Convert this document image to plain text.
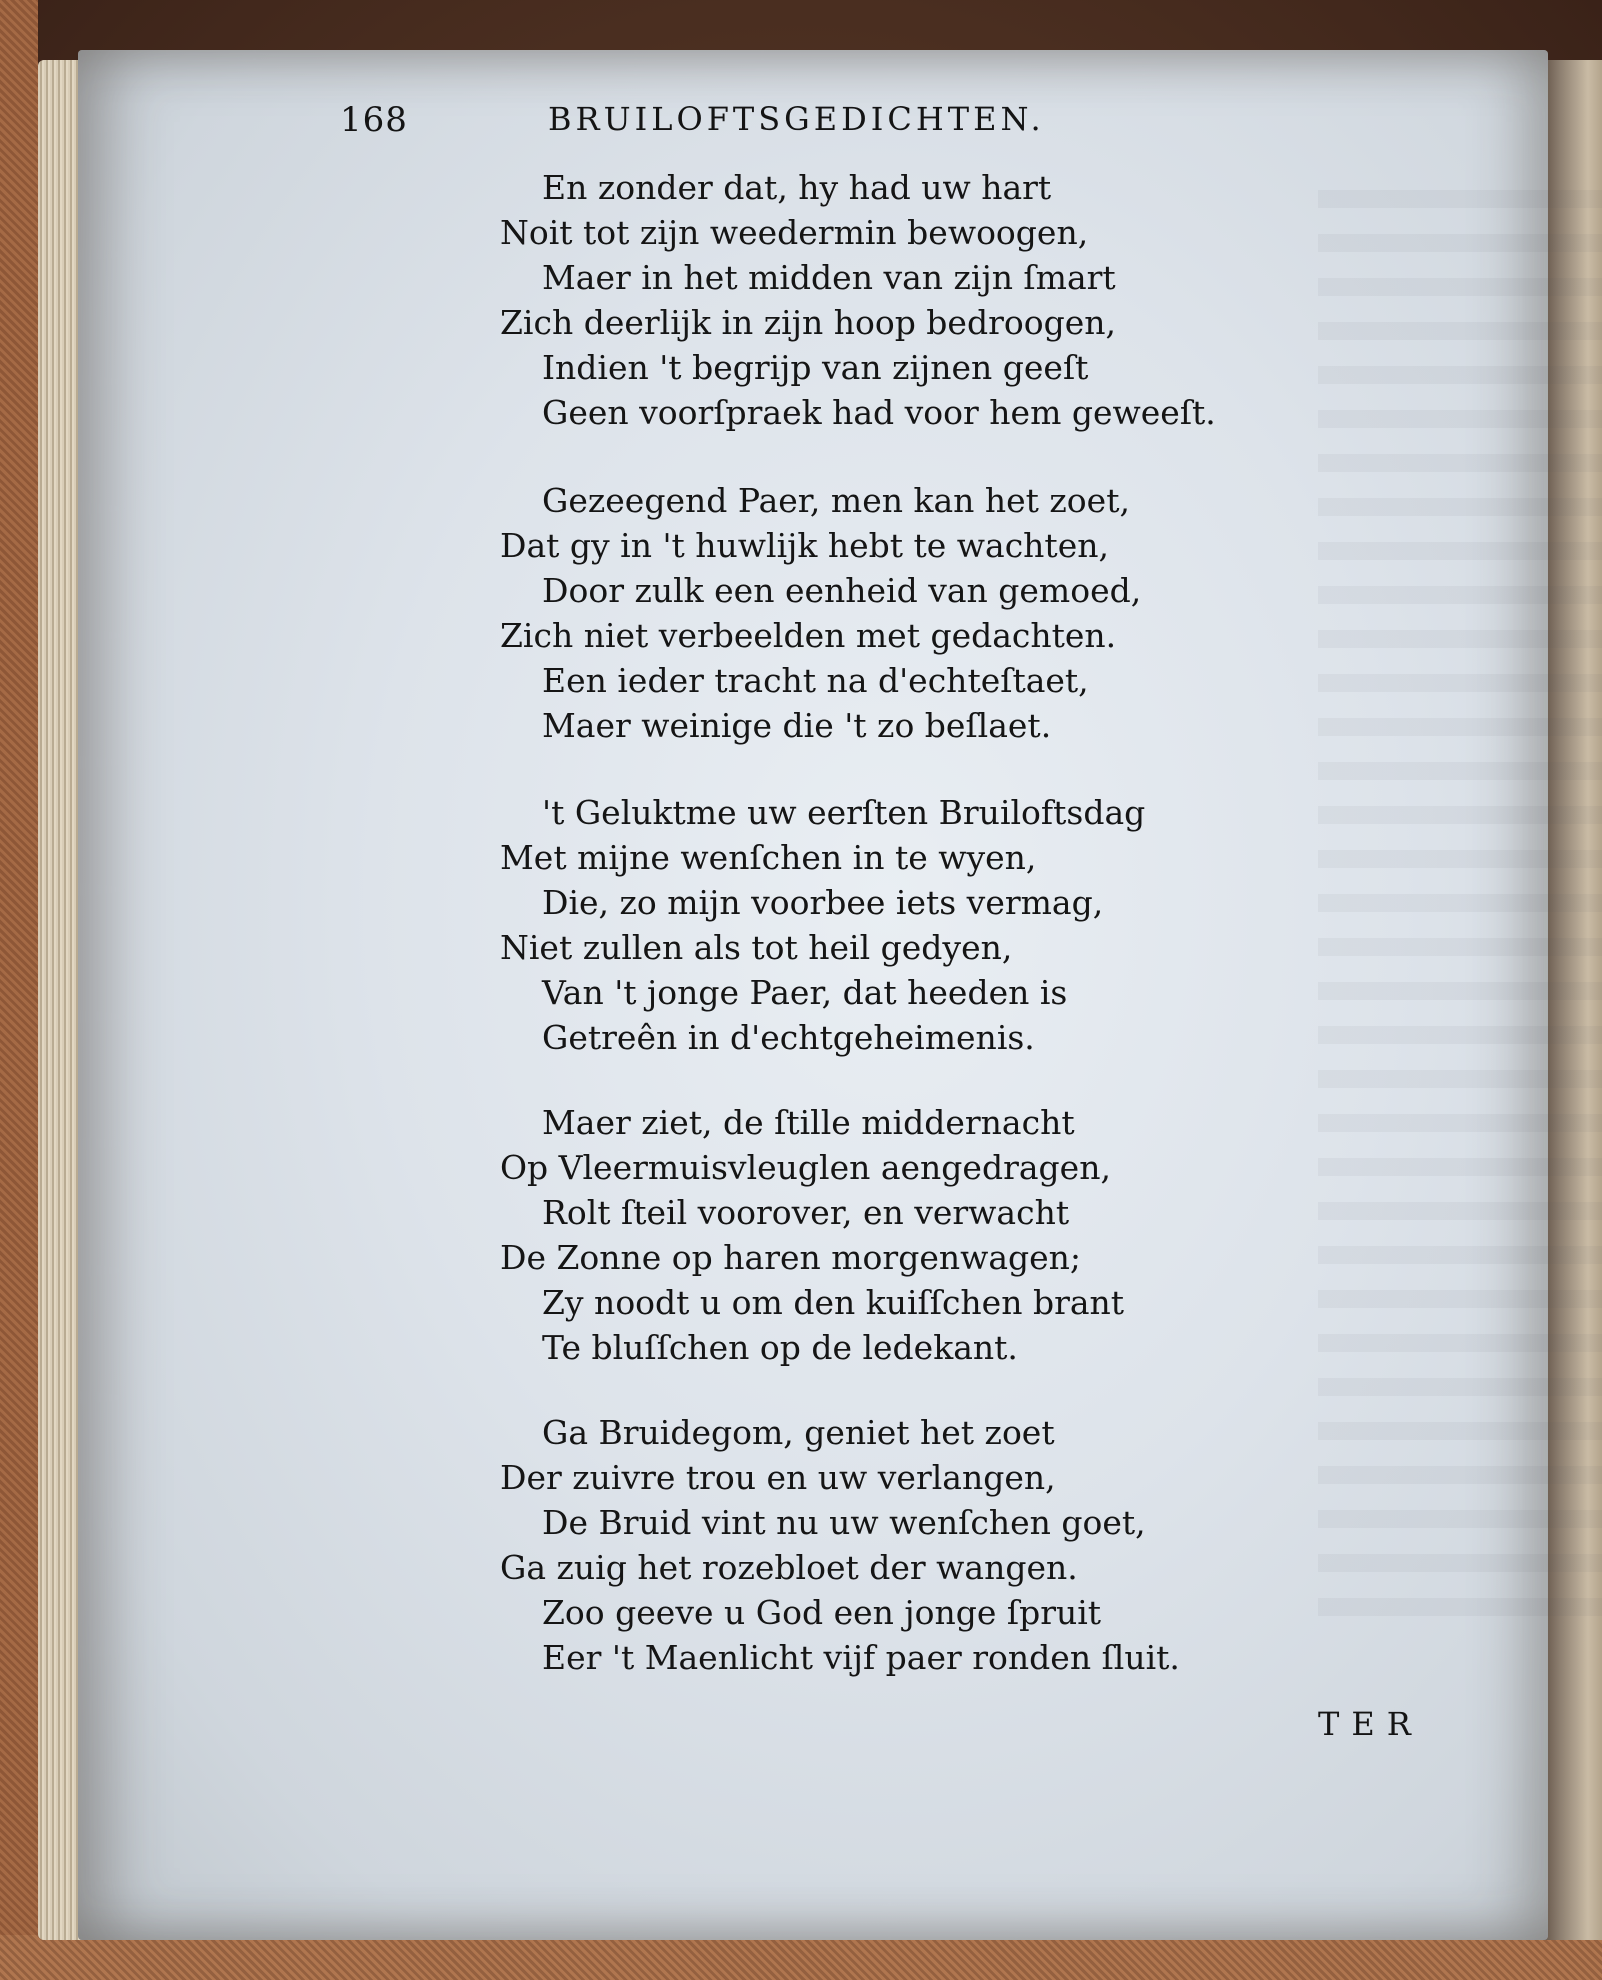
168	BRUILOFTSGEDICHTEN.
En zonder dat, hy had uw hart
Noit tot zijn weedermin bewoogen,
Maer in het midden van zijn ſmart
Zich deerlijk in zijn hoop bedroogen,
Indien 't begrijp van zijnen geeſt
Geen voorſpraek had voor hem geweeſt.
Gezeegend Paer, men kan het zoet,
Dat gy in 't huwlijk hebt te wachten,
Door zulk een eenheid van gemoed,
Zich niet verbeelden met gedachten.
Een ieder tracht na d'echteſtaet,
Maer weinige die 't zo beſlaet.
't Geluktme uw eerſten Bruiloftsdag
Met mijne wenſchen in te wyen,
Die, zo mijn voorbee iets vermag,
Niet zullen als tot heil gedyen,
Van 't jonge Paer, dat heeden is
Getreên in d'echtgeheimenis.
Maer ziet, de ſtille middernacht
Op Vleermuisvleuglen aengedragen,
Rolt ſteil voorover, en verwacht
De Zonne op haren morgenwagen;
Zy noodt u om den kuiſſchen brant
Te bluſſchen op de ledekant.
Ga Bruidegom, geniet het zoet
Der zuivre trou en uw verlangen,
De Bruid vint nu uw wenſchen goet,
Ga zuig het rozebloet der wangen.
Zoo geeve u God een jonge ſpruit
Eer 't Maenlicht vijf paer ronden ſluit.
TER
